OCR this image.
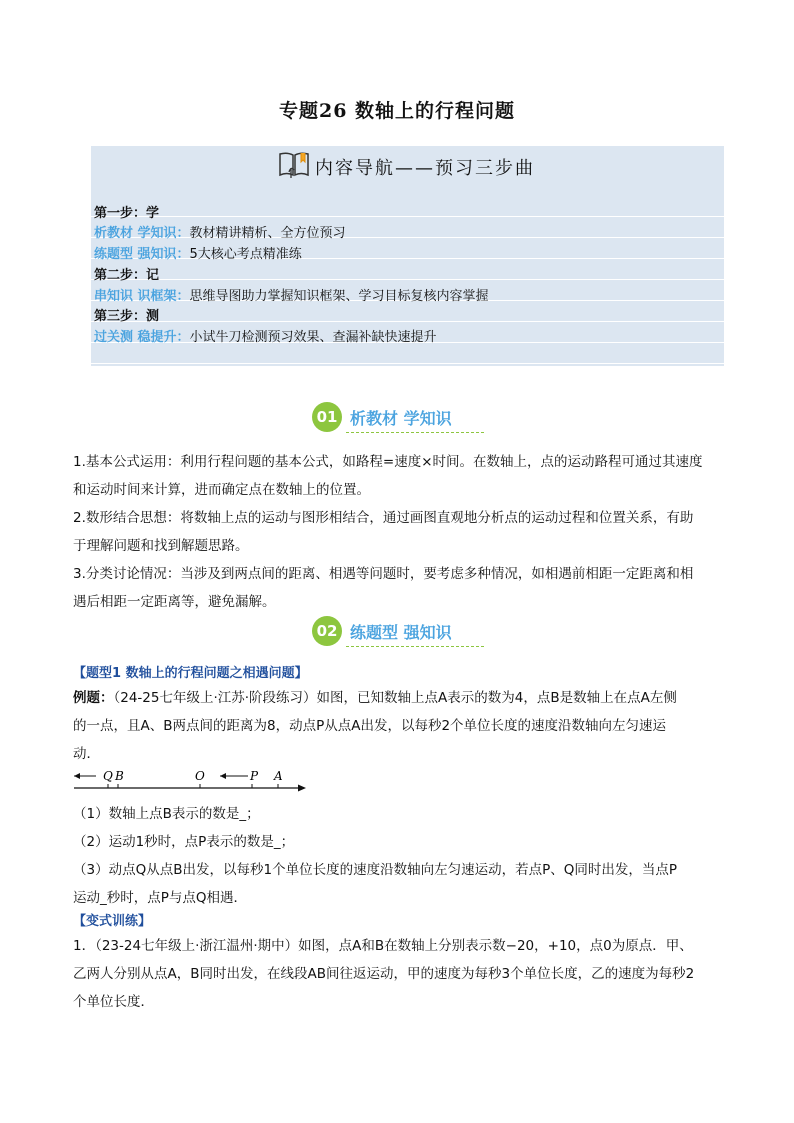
专题26 数轴上的行程问题
内容导航——预习三步曲
第一步：学
析教材 学知识：教材精讲精析、全方位预习
练题型 强知识：5大核心考点精准练
第二步：记
串知识 识框架：思维导图助力掌握知识框架、学习目标复核内容掌握
第三步：测
过关测 稳提升：小试牛刀检测预习效果、查漏补缺快速提升
01 析教材 学知识
1.基本公式运用：利用行程问题的基本公式，如路程=速度×时间。在数轴上，点的运动路程可通过其速度
和运动时间来计算，进而确定点在数轴上的位置。
2.数形结合思想：将数轴上点的运动与图形相结合，通过画图直观地分析点的运动过程和位置关系，有助
于理解问题和找到解题思路。
3.分类讨论情况：当涉及到两点间的距离、相遇等问题时，要考虑多种情况，如相遇前相距一定距离和相
遇后相距一定距离等，避免漏解。
02 练题型 强知识
【题型1 数轴上的行程问题之相遇问题】
例题：（24-25七年级上·江苏·阶段练习）如图，已知数轴上点A表示的数为4，点B是数轴上在点A左侧
的一点，且A、B两点间的距离为8，动点P从点A出发，以每秒2个单位长度的速度沿数轴向左匀速运
动．
Q B	O	P A
（1）数轴上点B表示的数是_；
（2）运动1秒时，点P表示的数是_；
（3）动点Q从点B出发，以每秒1个单位长度的速度沿数轴向左匀速运动，若点P、Q同时出发，当点P
运动_秒时，点P与点Q相遇．
【变式训练】
1．（23-24七年级上·浙江温州·期中）如图，点A和B在数轴上分别表示数−20，+10，点0为原点．甲、
乙两人分别从点A，B同时出发，在线段AB间往返运动，甲的速度为每秒3个单位长度，乙的速度为每秒2
个单位长度．
